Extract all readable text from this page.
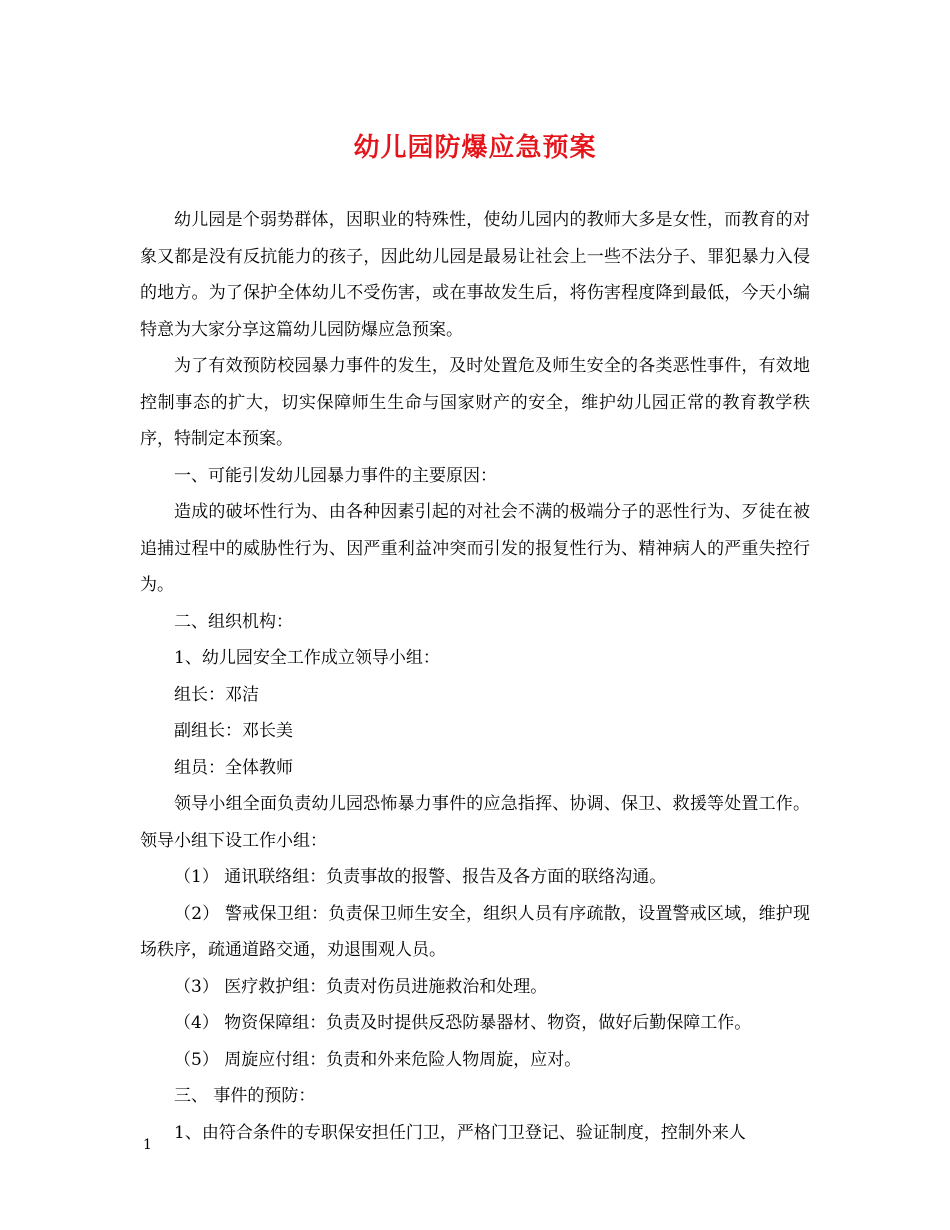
幼儿园防爆应急预案

幼儿园是个弱势群体，因职业的特殊性，使幼儿园内的教师大多是女性，而教育的对象又都是没有反抗能力的孩子，因此幼儿园是最易让社会上一些不法分子、罪犯暴力入侵的地方。为了保护全体幼儿不受伤害，或在事故发生后，将伤害程度降到最低，今天小编特意为大家分享这篇幼儿园防爆应急预案。

为了有效预防校园暴力事件的发生，及时处置危及师生安全的各类恶性事件，有效地控制事态的扩大，切实保障师生生命与国家财产的安全，维护幼儿园正常的教育教学秩序，特制定本预案。

一、可能引发幼儿园暴力事件的主要原因：

造成的破坏性行为、由各种因素引起的对社会不满的极端分子的恶性行为、歹徒在被追捕过程中的威胁性行为、因严重利益冲突而引发的报复性行为、精神病人的严重失控行为。

二、组织机构：

1、幼儿园安全工作成立领导小组：

组长：邓洁

副组长：邓长美

组员：全体教师

领导小组全面负责幼儿园恐怖暴力事件的应急指挥、协调、保卫、救援等处置工作。领导小组下设工作小组：

（1） 通讯联络组：负责事故的报警、报告及各方面的联络沟通。

（2） 警戒保卫组：负责保卫师生安全，组织人员有序疏散，设置警戒区域，维护现场秩序，疏通道路交通，劝退围观人员。

（3） 医疗救护组：负责对伤员进施救治和处理。

（4） 物资保障组：负责及时提供反恐防暴器材、物资，做好后勤保障工作。

（5） 周旋应付组：负责和外来危险人物周旋，应对。

三、 事件的预防：

1、由符合条件的专职保安担任门卫，严格门卫登记、验证制度，控制外来人

1
